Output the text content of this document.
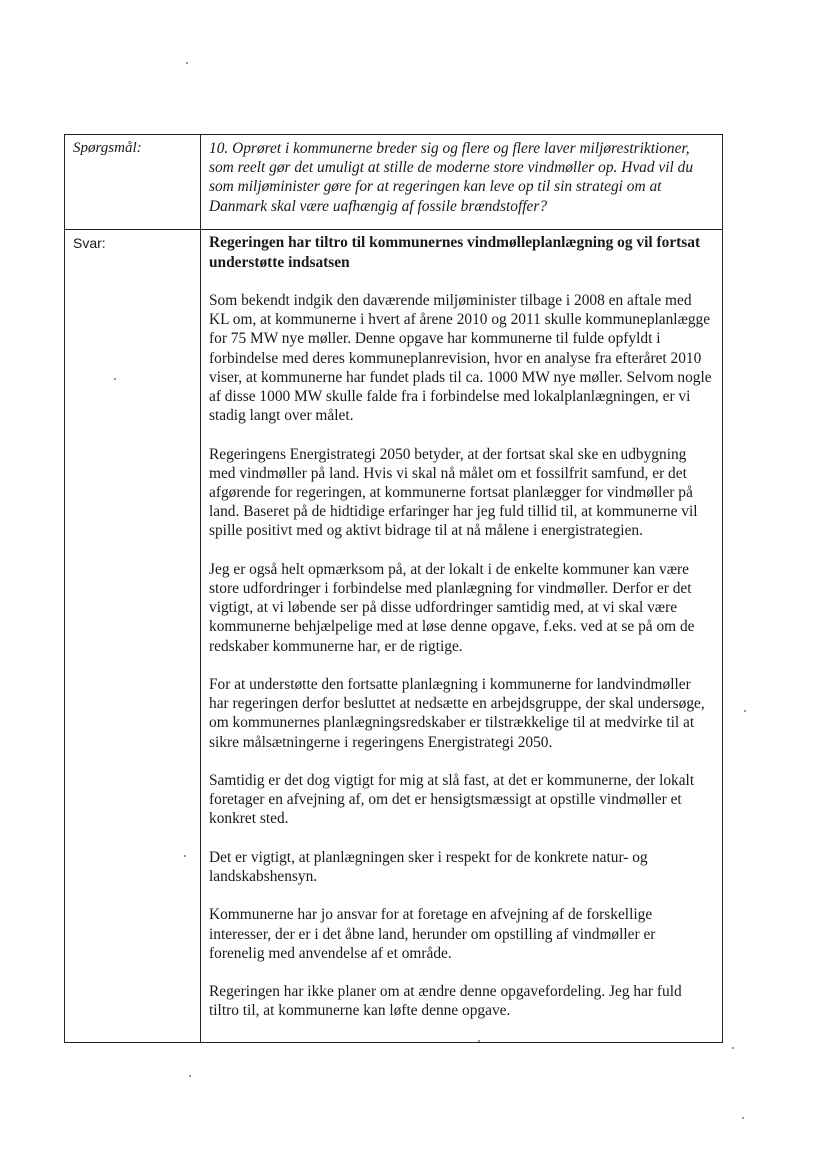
Spørgsmål:	10. Oprøret i kommunerne breder sig og flere og flere laver miljørestriktioner, som reelt gør det umuligt at stille de moderne store vindmøller op. Hvad vil du som miljøminister gøre for at regeringen kan leve op til sin strategi om at Danmark skal være uafhængig af fossile brændstoffer?
Svar:	Regeringen har tiltro til kommunernes vindmølleplanlægning og vil fortsat understøtte indsatsen

Som bekendt indgik den daværende miljøminister tilbage i 2008 en aftale med KL om, at kommunerne i hvert af årene 2010 og 2011 skulle kommuneplanlægge for 75 MW nye møller. Denne opgave har kommunerne til fulde opfyldt i forbindelse med deres kommuneplanrevision, hvor en analyse fra efteråret 2010 viser, at kommunerne har fundet plads til ca. 1000 MW nye møller. Selvom nogle af disse 1000 MW skulle falde fra i forbindelse med lokalplanlægningen, er vi stadig langt over målet.

Regeringens Energistrategi 2050 betyder, at der fortsat skal ske en udbygning med vindmøller på land. Hvis vi skal nå målet om et fossilfrit samfund, er det afgørende for regeringen, at kommunerne fortsat planlægger for vindmøller på land. Baseret på de hidtidige erfaringer har jeg fuld tillid til, at kommunerne vil spille positivt med og aktivt bidrage til at nå målene i energistrategien.

Jeg er også helt opmærksom på, at der lokalt i de enkelte kommuner kan være store udfordringer i forbindelse med planlægning for vindmøller. Derfor er det vigtigt, at vi løbende ser på disse udfordringer samtidig med, at vi skal være kommunerne behjælpelige med at løse denne opgave, f.eks. ved at se på om de redskaber kommunerne har, er de rigtige.

For at understøtte den fortsatte planlægning i kommunerne for landvindmøller har regeringen derfor besluttet at nedsætte en arbejdsgruppe, der skal undersøge, om kommunernes planlægningsredskaber er tilstrækkelige til at medvirke til at sikre målsætningerne i regeringens Energistrategi 2050.

Samtidig er det dog vigtigt for mig at slå fast, at det er kommunerne, der lokalt foretager en afvejning af, om det er hensigtsmæssigt at opstille vindmøller et konkret sted.

Det er vigtigt, at planlægningen sker i respekt for de konkrete natur- og landskabshensyn.

Kommunerne har jo ansvar for at foretage en afvejning af de forskellige interesser, der er i det åbne land, herunder om opstilling af vindmøller er forenelig med anvendelse af et område.

Regeringen har ikke planer om at ændre denne opgavefordeling. Jeg har fuld tiltro til, at kommunerne kan løfte denne opgave.
